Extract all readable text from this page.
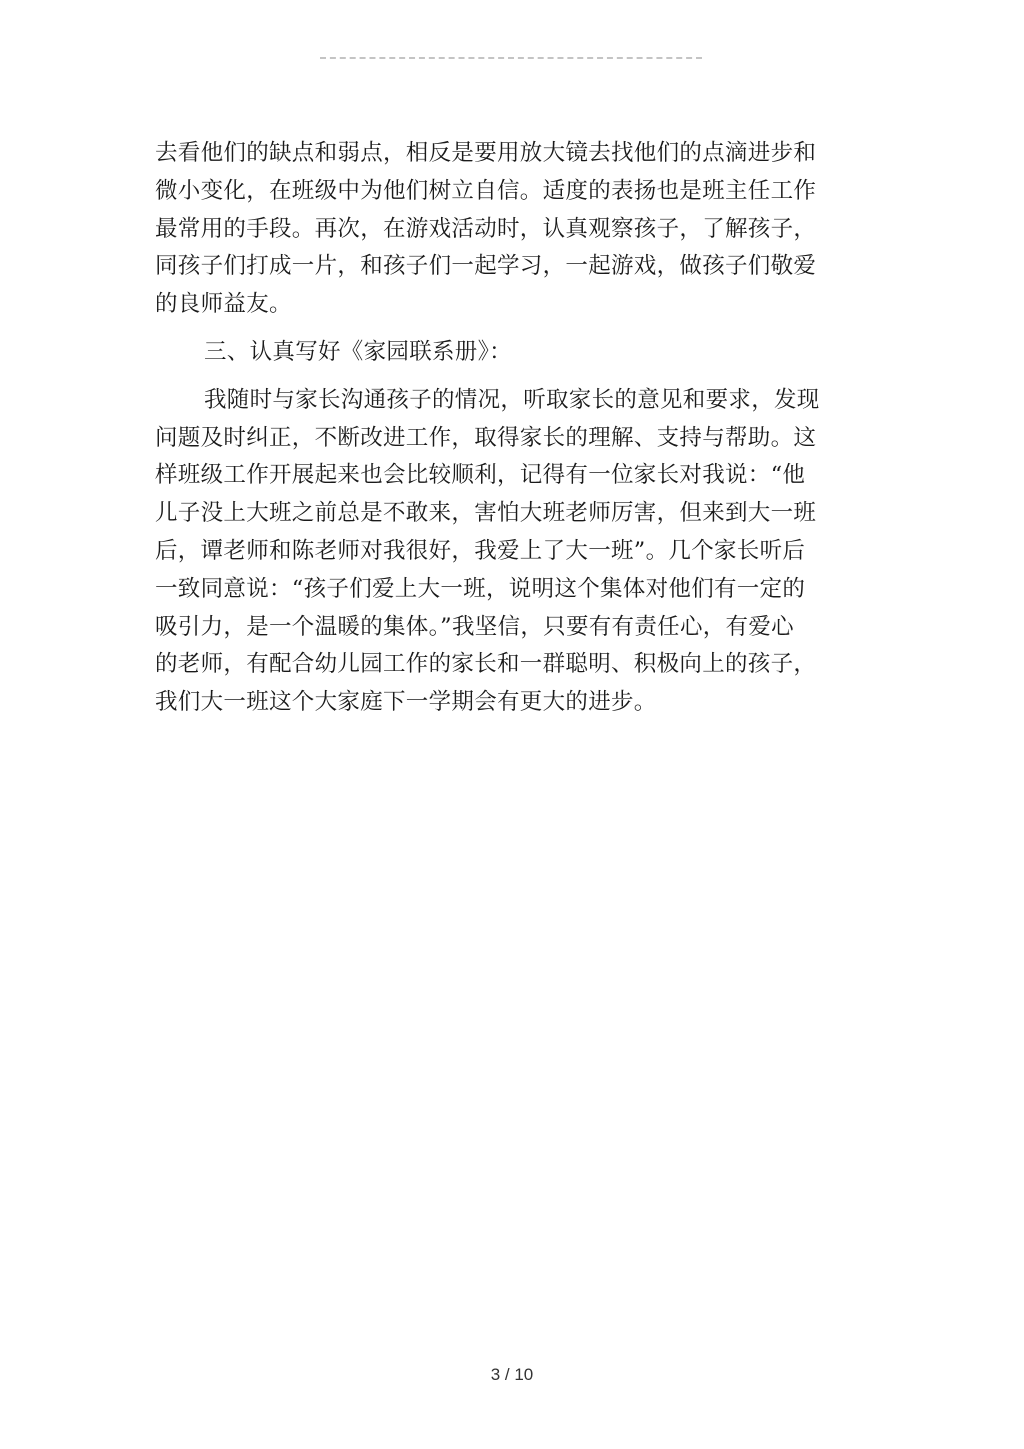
去看他们的缺点和弱点，相反是要用放大镜去找他们的点滴进步和
微小变化，在班级中为他们树立自信。适度的表扬也是班主任工作
最常用的手段。再次，在游戏活动时，认真观察孩子，了解孩子，
同孩子们打成一片，和孩子们一起学习，一起游戏，做孩子们敬爱
的良师益友。
三、认真写好《家园联系册》：
我随时与家长沟通孩子的情况，听取家长的意见和要求，发现
问题及时纠正，不断改进工作，取得家长的理解、支持与帮助。这
样班级工作开展起来也会比较顺利，记得有一位家长对我说：“他
儿子没上大班之前总是不敢来，害怕大班老师厉害，但来到大一班
后，谭老师和陈老师对我很好，我爱上了大一班”。几个家长听后
一致同意说：“孩子们爱上大一班，说明这个集体对他们有一定的
吸引力，是一个温暖的集体。”我坚信，只要有有责任心，有爱心
的老师，有配合幼儿园工作的家长和一群聪明、积极向上的孩子，
我们大一班这个大家庭下一学期会有更大的进步。
3 / 10
